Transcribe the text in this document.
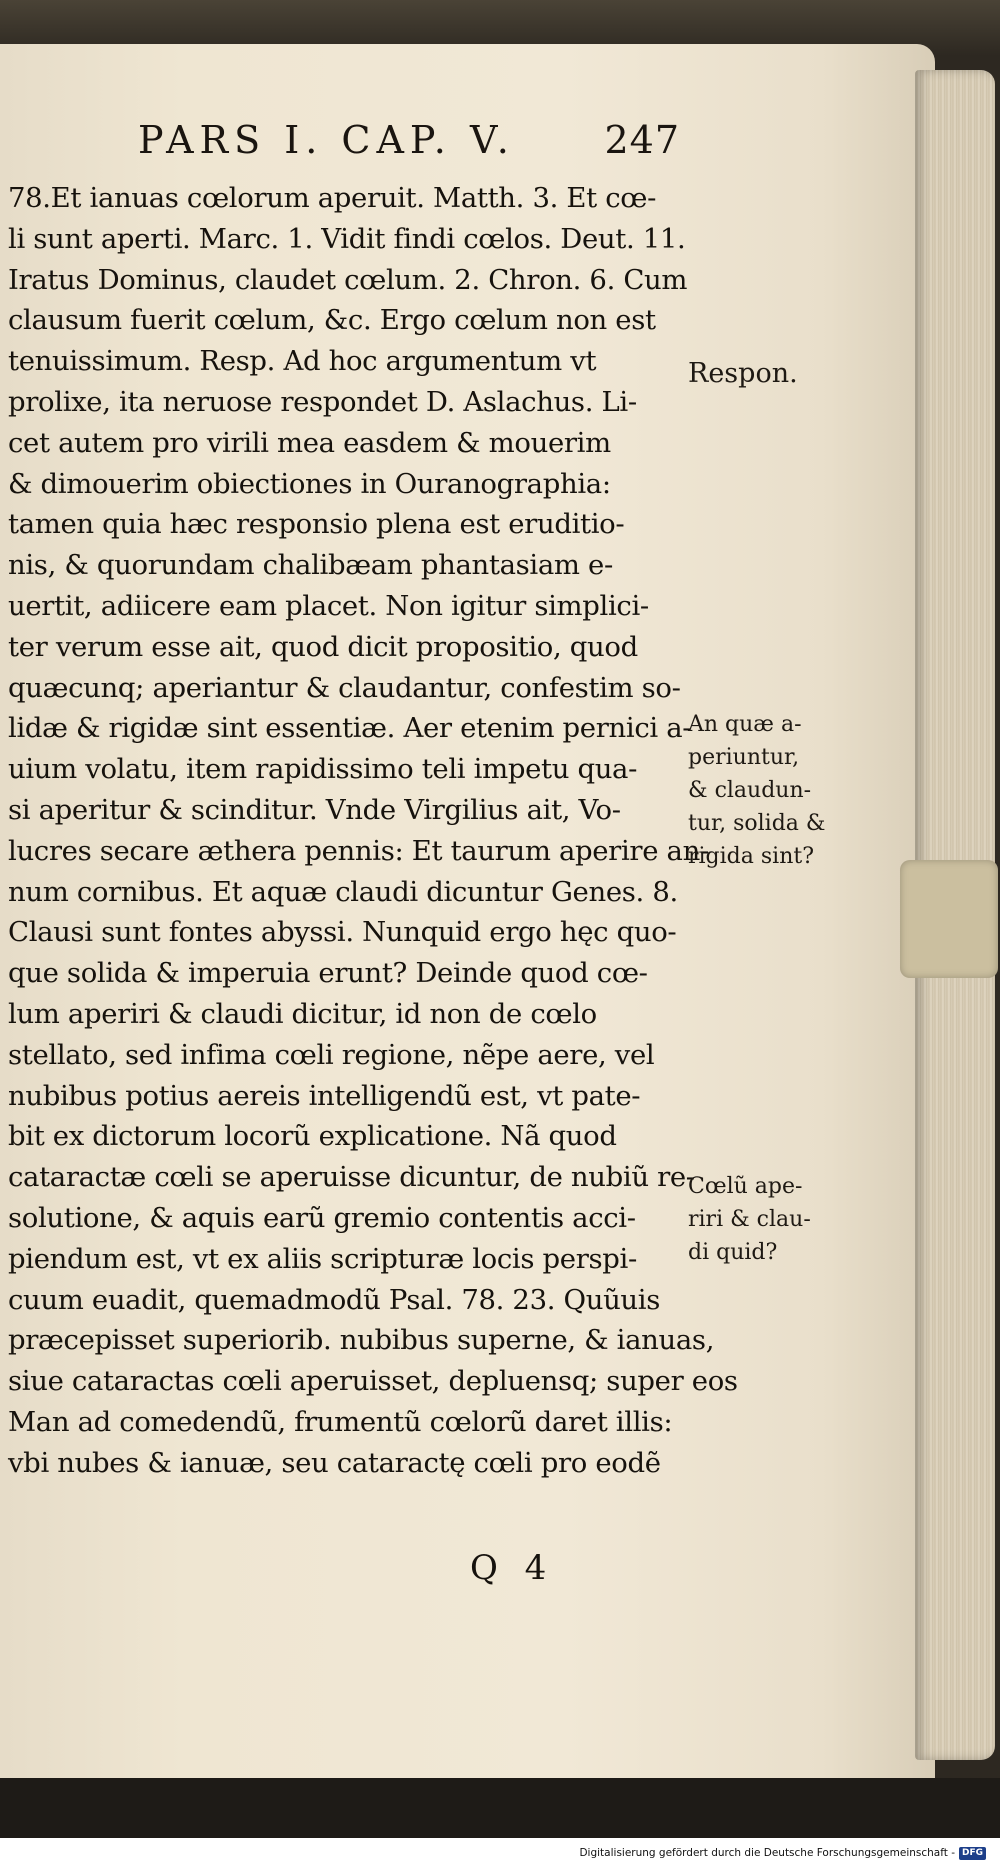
PARS I. CAP. V. 247
78.Et ianuas cœlorum aperuit. Matth. 3. Et cœ-
li sunt aperti. Marc. 1. Vidit findi cœlos. Deut. 11.
Iratus Dominus, claudet cœlum. 2. Chron. 6. Cum
clausum fuerit cœlum, &c. Ergo cœlum non est
tenuissimum. Resp. Ad hoc argumentum vt
prolixe, ita neruose respondet D. Aslachus. Li-
cet autem pro virili mea easdem & mouerim
& dimouerim obiectiones in Ouranographia:
tamen quia hæc responsio plena est eruditio-
nis, & quorundam chalibæam phantasiam e-
uertit, adiicere eam placet. Non igitur simplici-
ter verum esse ait, quod dicit propositio, quod
quæcunq; aperiantur & claudantur, confestim so-
lidæ & rigidæ sint essentiæ. Aer etenim pernici a-
uium volatu, item rapidissimo teli impetu qua-
si aperitur & scinditur. Vnde Virgilius ait, Vo-
lucres secare æthera pennis: Et taurum aperire an-
num cornibus. Et aquæ claudi dicuntur Genes. 8.
Clausi sunt fontes abyssi. Nunquid ergo hęc quo-
que solida & imperuia erunt? Deinde quod cœ-
lum aperiri & claudi dicitur, id non de cœlo
stellato, sed infima cœli regione, nẽpe aere, vel
nubibus potius aereis intelligendũ est, vt pate-
bit ex dictorum locorũ explicatione. Nã quod
cataractæ cœli se aperuisse dicuntur, de nubiũ re-
solutione, & aquis earũ gremio contentis acci-
piendum est, vt ex aliis scripturæ locis perspi-
cuum euadit, quemadmodũ Psal. 78. 23. Quũuis
præcepisset superiorib. nubibus superne, & ianuas,
siue cataractas cœli aperuisset, depluensq; super eos
Man ad comedendũ, frumentũ cœlorũ daret illis:
vbi nubes & ianuæ, seu cataractę cœli pro eodẽ
Respon.
An quæ a-
periuntur,
& claudun-
tur, solida &
rigida sint?
Cœlũ ape-
riri & clau-
di quid?
Q 4
Digitalisierung gefördert durch die Deutsche Forschungsgemeinschaft - DFG
